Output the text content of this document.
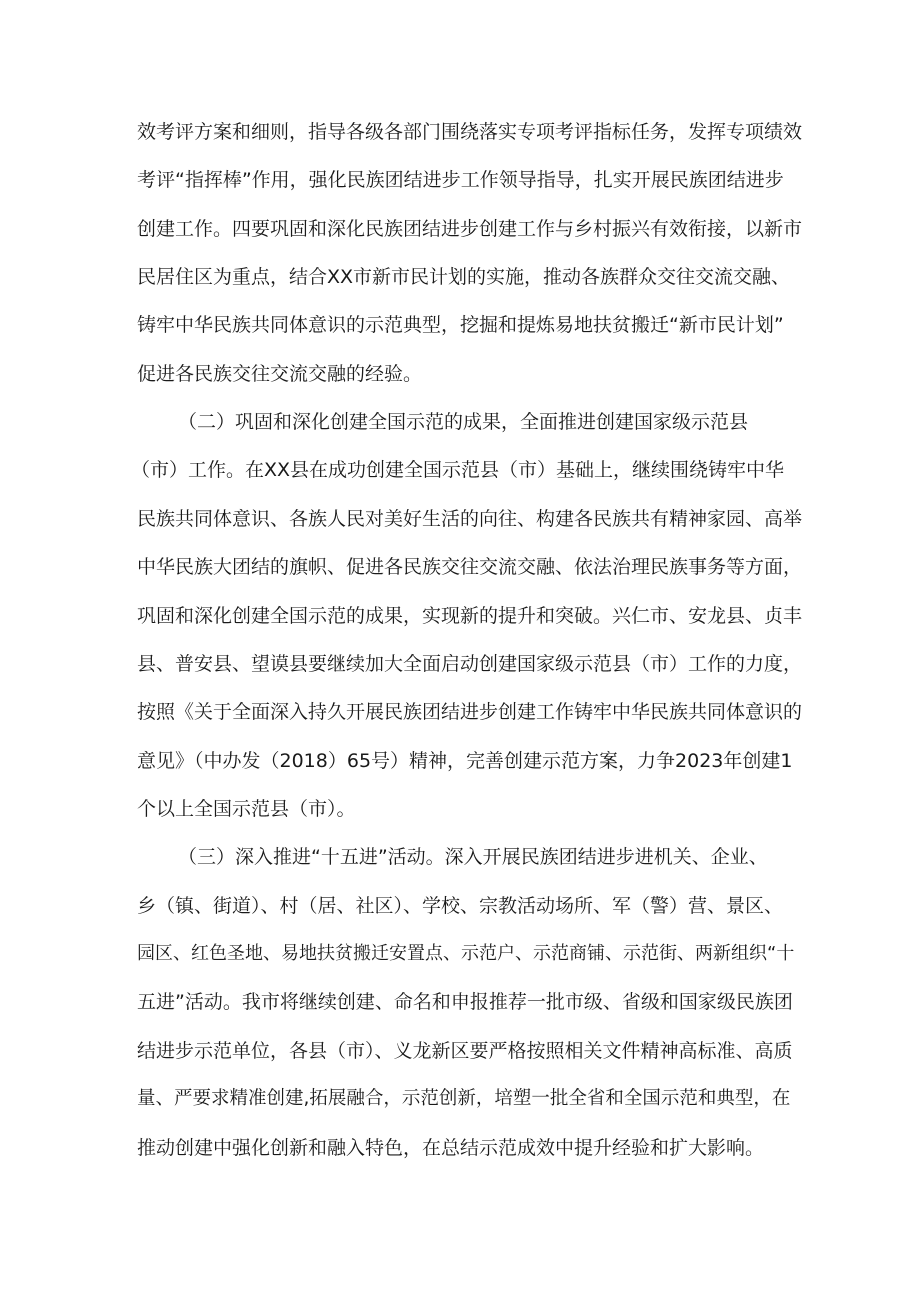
效考评方案和细则，指导各级各部门围绕落实专项考评指标任务，发挥专项绩效
考评“指挥棒”作用，强化民族团结进步工作领导指导，扎实开展民族团结进步
创建工作。四要巩固和深化民族团结进步创建工作与乡村振兴有效衔接，以新市
民居住区为重点，结合XX市新市民计划的实施，推动各族群众交往交流交融、
铸牢中华民族共同体意识的示范典型，挖掘和提炼易地扶贫搬迁“新市民计划”
促进各民族交往交流交融的经验。
（二）巩固和深化创建全国示范的成果，全面推进创建国家级示范县
（市）工作。在XX县在成功创建全国示范县（市）基础上，继续围绕铸牢中华
民族共同体意识、各族人民对美好生活的向往、构建各民族共有精神家园、高举
中华民族大团结的旗帜、促进各民族交往交流交融、依法治理民族事务等方面，
巩固和深化创建全国示范的成果，实现新的提升和突破。兴仁市、安龙县、贞丰
县、普安县、望谟县要继续加大全面启动创建国家级示范县（市）工作的力度，
按照《关于全面深入持久开展民族团结进步创建工作铸牢中华民族共同体意识的
意见》（中办发（2018）65号）精神，完善创建示范方案，力争2023年创建1
个以上全国示范县（市）。
（三）深入推进“十五进”活动。深入开展民族团结进步进机关、企业、
乡（镇、街道）、村（居、社区）、学校、宗教活动场所、军（警）营、景区、
园区、红色圣地、易地扶贫搬迁安置点、示范户、示范商铺、示范街、两新组织“十
五进”活动。我市将继续创建、命名和申报推荐一批市级、省级和国家级民族团
结进步示范单位，各县（市）、义龙新区要严格按照相关文件精神高标准、高质
量、严要求精准创建,拓展融合，示范创新，培塑一批全省和全国示范和典型，在
推动创建中强化创新和融入特色，在总结示范成效中提升经验和扩大影响。
